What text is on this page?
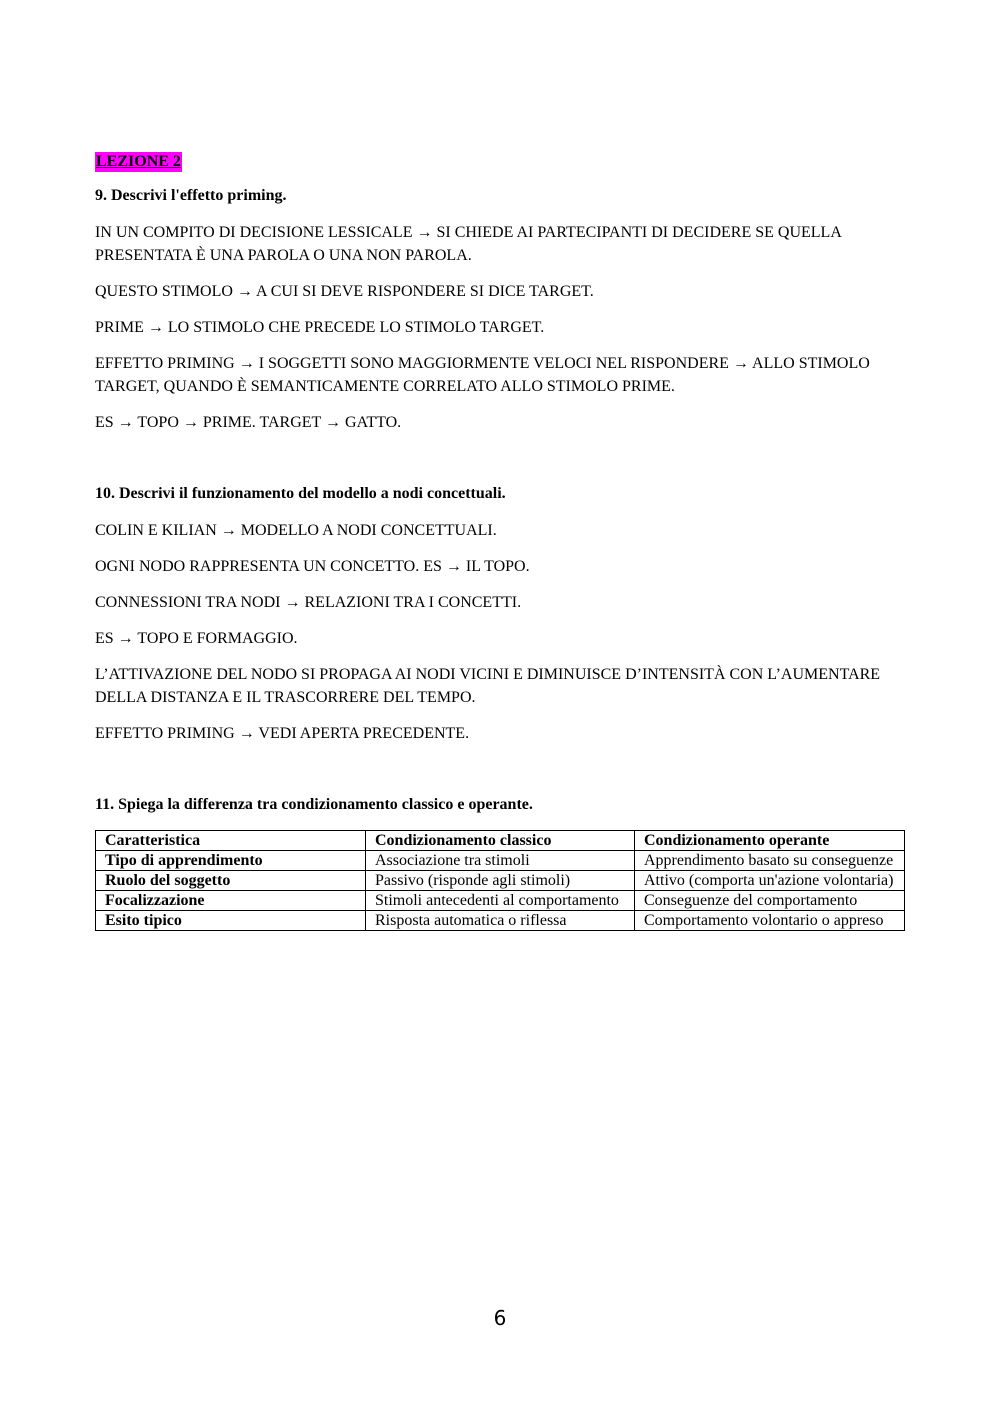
LEZIONE 2
9. Descrivi l'effetto priming.
IN UN COMPITO DI DECISIONE LESSICALE → SI CHIEDE AI PARTECIPANTI DI DECIDERE SE QUELLA PRESENTATA È UNA PAROLA O UNA NON PAROLA.
QUESTO STIMOLO → A CUI SI DEVE RISPONDERE SI DICE TARGET.
PRIME → LO STIMOLO CHE PRECEDE LO STIMOLO TARGET.
EFFETTO PRIMING → I SOGGETTI SONO MAGGIORMENTE VELOCI NEL RISPONDERE → ALLO STIMOLO TARGET, QUANDO È SEMANTICAMENTE CORRELATO ALLO STIMOLO PRIME.
ES → TOPO → PRIME. TARGET → GATTO.
10. Descrivi il funzionamento del modello a nodi concettuali.
COLIN E KILIAN → MODELLO A NODI CONCETTUALI.
OGNI NODO RAPPRESENTA UN CONCETTO. ES → IL TOPO.
CONNESSIONI TRA NODI → RELAZIONI TRA I CONCETTI.
ES → TOPO E FORMAGGIO.
L’ATTIVAZIONE DEL NODO SI PROPAGA AI NODI VICINI E DIMINUISCE D’INTENSITÀ CON L’AUMENTARE DELLA DISTANZA E IL TRASCORRERE DEL TEMPO.
EFFETTO PRIMING → VEDI APERTA PRECEDENTE.
11. Spiega la differenza tra condizionamento classico e operante.
Caratteristica	Condizionamento classico	Condizionamento operante
Tipo di apprendimento	Associazione tra stimoli	Apprendimento basato su conseguenze
Ruolo del soggetto	Passivo (risponde agli stimoli)	Attivo (comporta un'azione volontaria)
Focalizzazione	Stimoli antecedenti al comportamento	Conseguenze del comportamento
Esito tipico	Risposta automatica o riflessa	Comportamento volontario o appreso
6
